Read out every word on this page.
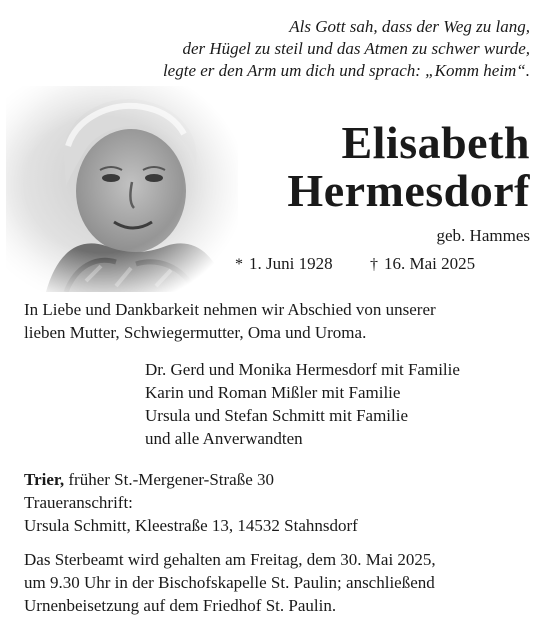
Als Gott sah, dass der Weg zu lang,
der Hügel zu steil und das Atmen zu schwer wurde,
legte er den Arm um dich und sprach: „Komm heim“.
Elisabeth
Hermesdorf
geb. Hammes
* 1. Juni 1928 † 16. Mai 2025
In Liebe und Dankbarkeit nehmen wir Abschied von unserer
lieben Mutter, Schwiegermutter, Oma und Uroma.
Dr. Gerd und Monika Hermesdorf mit Familie
Karin und Roman Mißler mit Familie
Ursula und Stefan Schmitt mit Familie
und alle Anverwandten
Trier, früher St.-Mergener-Straße 30
Traueranschrift:
Ursula Schmitt, Kleestraße 13, 14532 Stahnsdorf
Das Sterbeamt wird gehalten am Freitag, dem 30. Mai 2025,
um 9.30 Uhr in der Bischofskapelle St. Paulin; anschließend
Urnenbeisetzung auf dem Friedhof St. Paulin.
